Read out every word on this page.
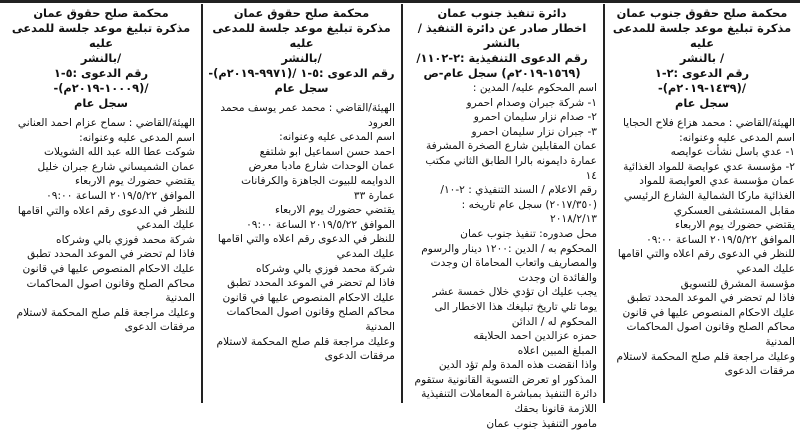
محكمة صلح حقوق جنوب عمان
مذكرة تبليغ موعد جلسة للمدعى عليه
/ بالنشر
رقم الدعوى :٢-١ /(١٤٣٩-٢٠١٩م)-
سجل عام
الهيئة/القاضي : محمد هزاع فلاح الحجايا
اسم المدعى عليه وعنوانه:
١- عدي باسل نشأت عوايصه
٢- مؤسسة عدي عوايصة للمواد الغذائية
عمان مؤسسة عدي العوايصة للمواد
الغذائية ماركا الشمالية الشارع الرئيسي
مقابل المستشفى العسكري
يقتضي حضورك يوم الاربعاء
الموافق ٢٠١٩/٥/٢٢ الساعة ٠٩:٠٠
للنظر في الدعوى رقم اعلاه والتي اقامها
عليك المدعي
مؤسسة المشرق للتسويق
فاذا لم تحضر في الموعد المحدد تطبق
عليك الاحكام المنصوص عليها في قانون
محاكم الصلح وقانون اصول المحاكمات
المدنية
وعليك مراجعة قلم صلح المحكمة لاستلام
مرفقات الدعوى
دائرة تنفيذ جنوب عمان
اخطار صادر عن دائرة التنفيذ / بالنشر
رقم الدعوى التنفيذية :٢-١١٠٢/
(١٥٦٩-٢٠١٩م) سجل عام-ص
اسم المحكوم عليه/ المدين :
١- شركة جبران وصدام احمرو
٢- صدام نزار سليمان احمرو
٣- جبران نزار سليمان احمرو
عمان المقابلين شارع الصخرة المشرفة
عمارة دايمونه بالرا الطابق الثاني مكتب
١٤
رقم الاعلام / السند التنفيذي : ٢-١٠/
(٢٠١٧/٣٥٠) سجل عام تاريخه :
٢٠١٨/٢/١٣
محل صدوره: تنفيذ جنوب عمان
المحكوم به / الدين :١٢٠٠ دينار والرسوم
والمصاريف واتعاب المحاماة ان وجدت
والفائدة ان وجدت
يجب عليك ان تؤدي خلال خمسة عشر
يوما تلي تاريخ تبليغك هذا الاخطار الى
المحكوم له / الدائن
حمزه عزالدين احمد الحلايقه
المبلغ المبين اعلاه
واذا انقضت هذه المدة ولم تؤد الدين
المذكور او تعرض التسوية القانونية ستقوم
دائرة التنفيذ بمباشرة المعاملات التنفيذية
اللازمة قانونا بحقك
مامور التنفيذ جنوب عمان
محكمة صلح حقوق عمان
مذكرة تبليغ موعد جلسة للمدعى عليه
/بالنشر
رقم الدعوى :٥-١ /(٩٩٧١-٢٠١٩م)-
سجل عام
الهيئة/القاضي : محمد عمر يوسف محمد
العرود
اسم المدعى عليه وعنوانه:
احمد حسن اسماعيل ابو شلتفع
عمان الوحدات شارع مادبا معرض
الدوايمه للبيوت الجاهزة والكرفانات
عمارة ٣٣
يقتضي حضورك يوم الاربعاء
الموافق ٢٠١٩/٥/٢٢ الساعة ٠٩:٠٠
للنظر في الدعوى رقم اعلاه والتي اقامها
عليك المدعي
شركة محمد فوزي بالي وشركاه
فاذا لم تحضر في الموعد المحدد تطبق
عليك الاحكام المنصوص عليها في قانون
محاكم الصلح وقانون اصول المحاكمات
المدنية
وعليك مراجعة قلم صلح المحكمة لاستلام
مرفقات الدعوى
محكمة صلح حقوق عمان
مذكرة تبليغ موعد جلسة للمدعى عليه
/بالنشر
رقم الدعوى :٥-١ /(١٠٠٠٩-٢٠١٩م)-
سجل عام
الهيئة/القاضي : سماح عزام احمد العناني
اسم المدعى عليه وعنوانه:
شوكت عطا الله عبد الله الشويلات
عمان الشميساني شارع جبران خليل
يقتضي حضورك يوم الاربعاء
الموافق ٢٠١٩/٥/٢٢ الساعة ٠٩:٠٠
للنظر في الدعوى رقم اعلاه والتي اقامها
عليك المدعي
شركة محمد فوزي بالي وشركاه
فاذا لم تحضر في الموعد المحدد تطبق
عليك الاحكام المنصوص عليها في قانون
محاكم الصلح وقانون اصول المحاكمات
المدنية
وعليك مراجعة قلم صلح المحكمة لاستلام
مرفقات الدعوى
